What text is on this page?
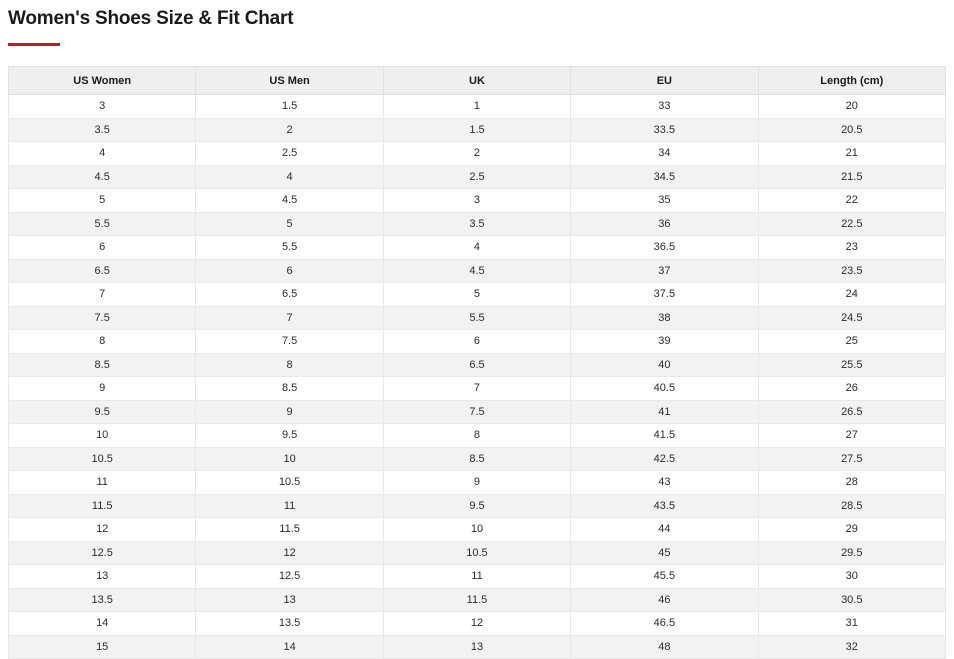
Women's Shoes Size & Fit Chart
US Women	US Men	UK	EU	Length (cm)
3	1.5	1	33	20
3.5	2	1.5	33.5	20.5
4	2.5	2	34	21
4.5	4	2.5	34.5	21.5
5	4.5	3	35	22
5.5	5	3.5	36	22.5
6	5.5	4	36.5	23
6.5	6	4.5	37	23.5
7	6.5	5	37.5	24
7.5	7	5.5	38	24.5
8	7.5	6	39	25
8.5	8	6.5	40	25.5
9	8.5	7	40.5	26
9.5	9	7.5	41	26.5
10	9.5	8	41.5	27
10.5	10	8.5	42.5	27.5
11	10.5	9	43	28
11.5	11	9.5	43.5	28.5
12	11.5	10	44	29
12.5	12	10.5	45	29.5
13	12.5	11	45.5	30
13.5	13	11.5	46	30.5
14	13.5	12	46.5	31
15	14	13	48	32
